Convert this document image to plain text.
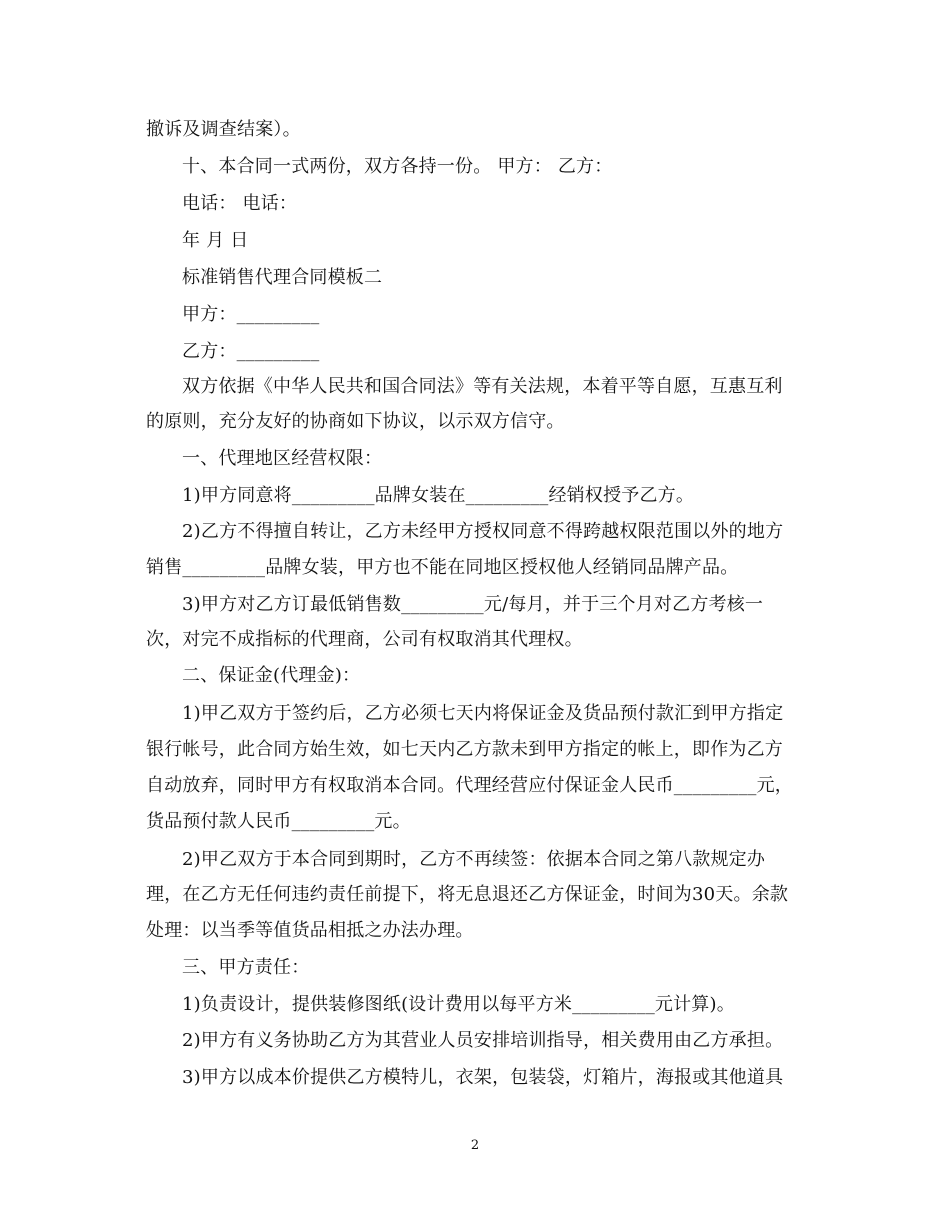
撤诉及调查结案）。
十、本合同一式两份，双方各持一份。 甲方： 乙方：
电话： 电话：
年 月 日
标准销售代理合同模板二
甲方：_________
乙方：_________
双方依据《中华人民共和国合同法》等有关法规，本着平等自愿，互惠互利
的原则，充分友好的协商如下协议，以示双方信守。
一、代理地区经营权限：
1)甲方同意将_________品牌女装在_________经销权授予乙方。
2)乙方不得擅自转让，乙方未经甲方授权同意不得跨越权限范围以外的地方
销售_________品牌女装，甲方也不能在同地区授权他人经销同品牌产品。
3)甲方对乙方订最低销售数_________元/每月，并于三个月对乙方考核一
次，对完不成指标的代理商，公司有权取消其代理权。
二、保证金(代理金)：
1)甲乙双方于签约后，乙方必须七天内将保证金及货品预付款汇到甲方指定
银行帐号，此合同方始生效，如七天内乙方款未到甲方指定的帐上，即作为乙方
自动放弃，同时甲方有权取消本合同。代理经营应付保证金人民币_________元，
货品预付款人民币_________元。
2)甲乙双方于本合同到期时，乙方不再续签：依据本合同之第八款规定办
理，在乙方无任何违约责任前提下，将无息退还乙方保证金，时间为30天。余款
处理：以当季等值货品相抵之办法办理。
三、甲方责任：
1)负责设计，提供装修图纸(设计费用以每平方米_________元计算)。
2)甲方有义务协助乙方为其营业人员安排培训指导，相关费用由乙方承担。
3)甲方以成本价提供乙方模特儿，衣架，包装袋，灯箱片，海报或其他道具
2
